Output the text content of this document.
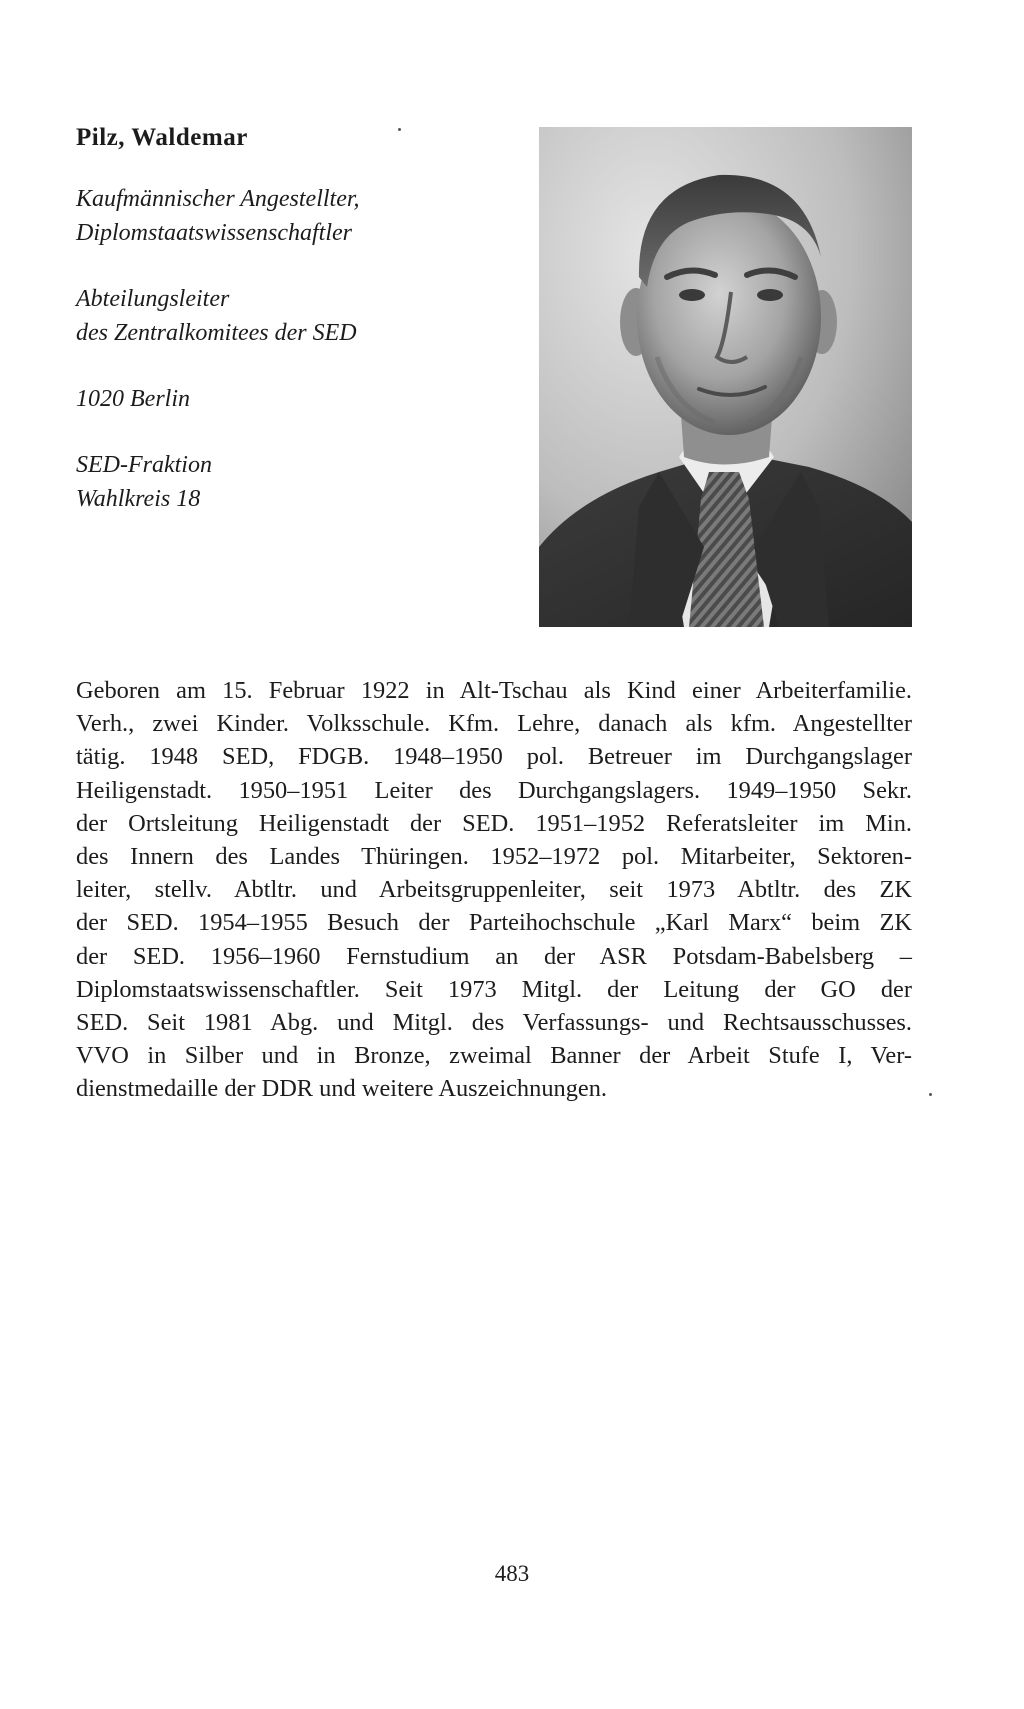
Pilz, Waldemar

Kaufmännischer Angestellter,
Diplomstaatswissenschaftler

Abteilungsleiter
des Zentralkomitees der SED

1020 Berlin

SED-Fraktion
Wahlkreis 18

Geboren am 15. Februar 1922 in Alt-Tschau als Kind einer Arbeiterfamilie.
Verh., zwei Kinder. Volksschule. Kfm. Lehre, danach als kfm. Angestellter
tätig. 1948 SED, FDGB. 1948–1950 pol. Betreuer im Durchgangslager
Heiligenstadt. 1950–1951 Leiter des Durchgangslagers. 1949–1950 Sekr.
der Ortsleitung Heiligenstadt der SED. 1951–1952 Referatsleiter im Min.
des Innern des Landes Thüringen. 1952–1972 pol. Mitarbeiter, Sektoren-
leiter, stellv. Abtltr. und Arbeitsgruppenleiter, seit 1973 Abtltr. des ZK
der SED. 1954–1955 Besuch der Parteihochschule „Karl Marx“ beim ZK
der SED. 1956–1960 Fernstudium an der ASR Potsdam-Babelsberg –
Diplomstaatswissenschaftler. Seit 1973 Mitgl. der Leitung der GO der
SED. Seit 1981 Abg. und Mitgl. des Verfassungs- und Rechtsausschusses.
VVO in Silber und in Bronze, zweimal Banner der Arbeit Stufe I, Ver-
dienstmedaille der DDR und weitere Auszeichnungen.
483
